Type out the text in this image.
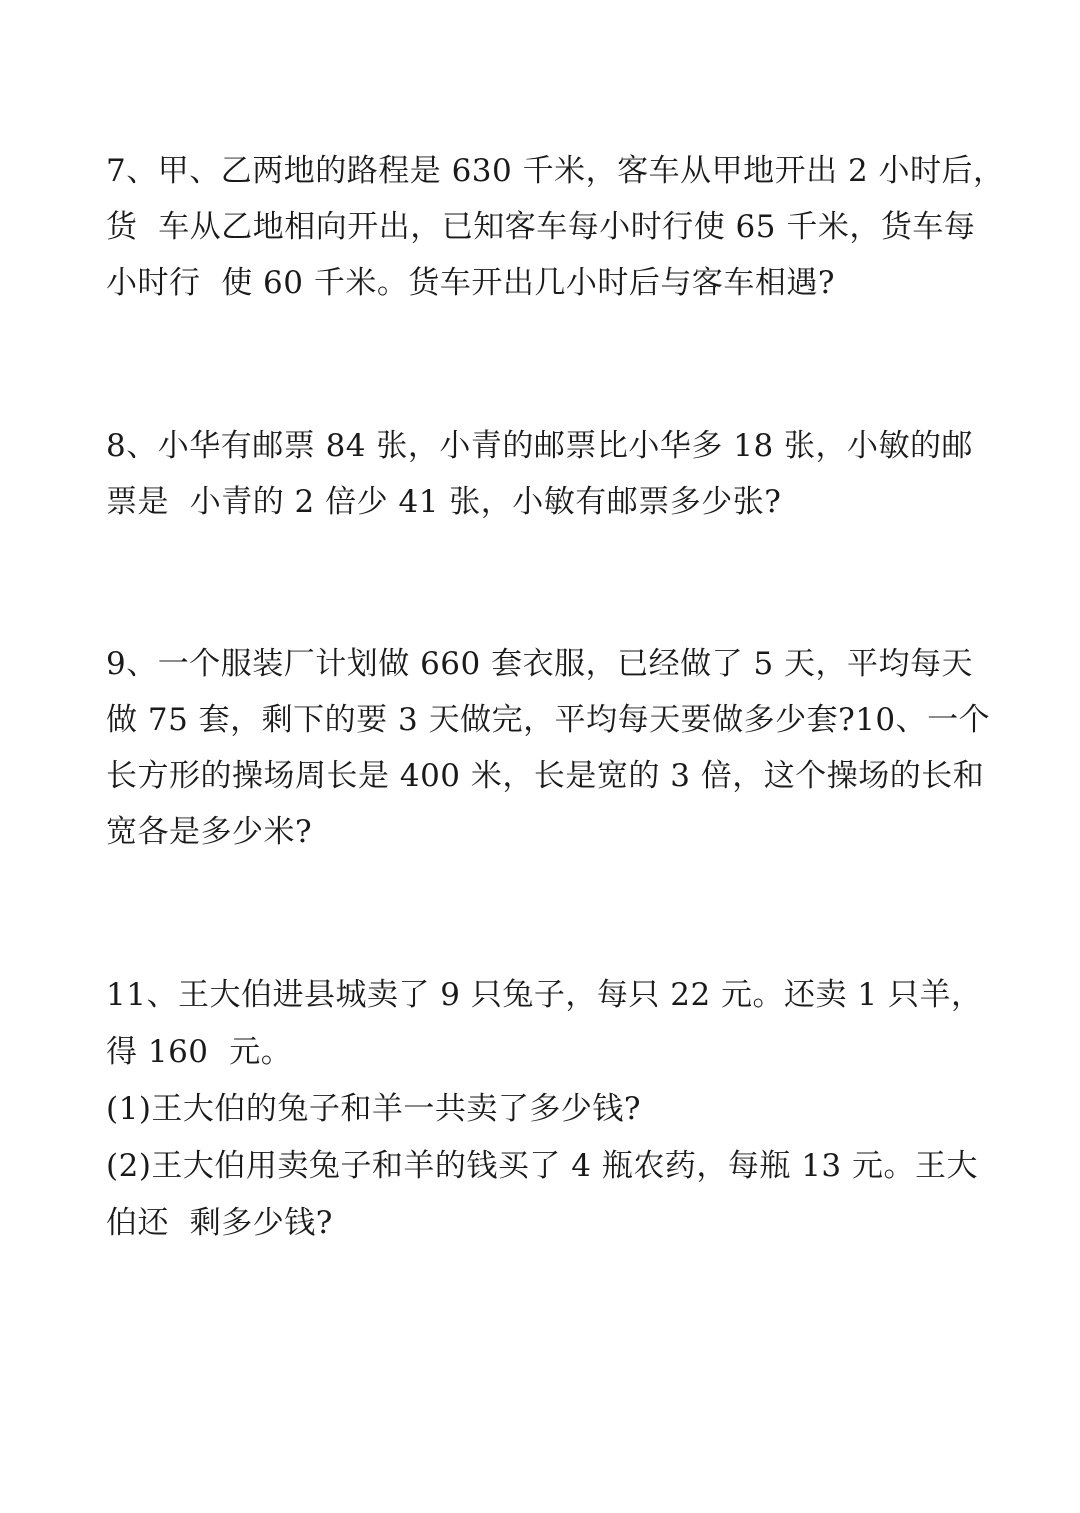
7、甲、乙两地的路程是 630 千米，客车从甲地开出 2 小时后，
货  车从乙地相向开出，已知客车每小时行使 65 千米，货车每
小时行  使 60 千米。货车开出几小时后与客车相遇?
8、小华有邮票 84 张，小青的邮票比小华多 18 张，小敏的邮
票是  小青的 2 倍少 41 张，小敏有邮票多少张?
9、一个服装厂计划做 660 套衣服，已经做了 5 天，平均每天
做 75 套，剩下的要 3 天做完，平均每天要做多少套?10、一个
长方形的操场周长是 400 米，长是宽的 3 倍，这个操场的长和
宽各是多少米?
11、王大伯进县城卖了 9 只兔子，每只 22 元。还卖 1 只羊，
得 160  元。
(1)王大伯的兔子和羊一共卖了多少钱?
(2)王大伯用卖兔子和羊的钱买了 4 瓶农药，每瓶 13 元。王大
伯还  剩多少钱?
